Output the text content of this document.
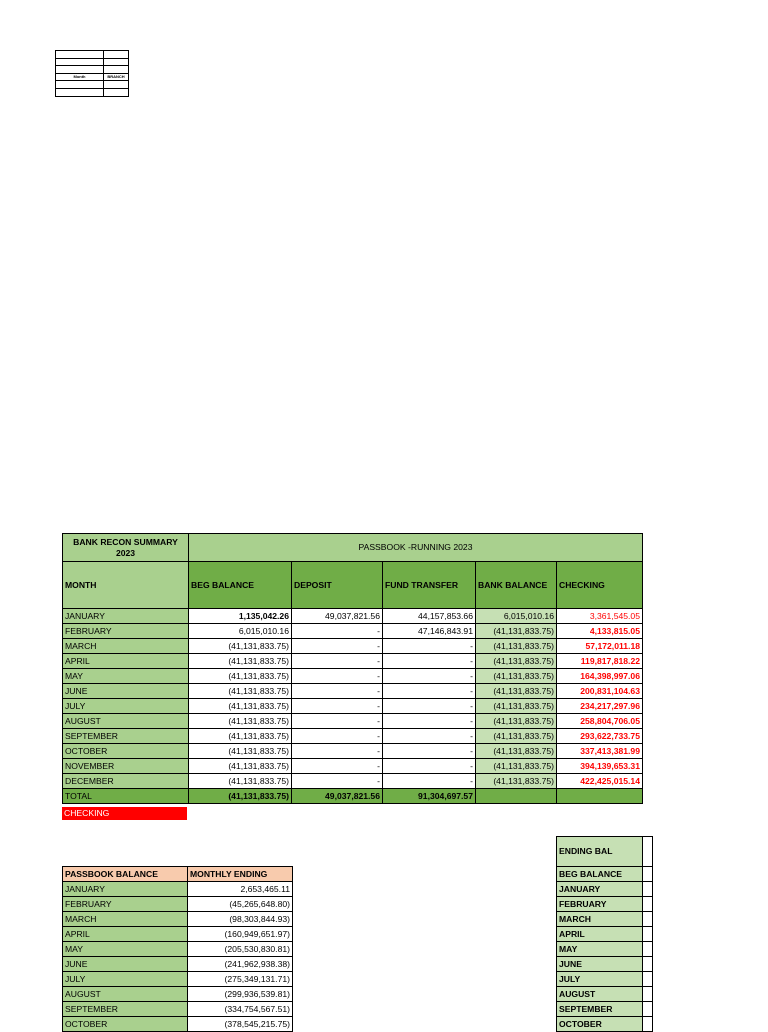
Month	BRANCH

BANK RECON SUMMARY 2023	PASSBOOK -RUNNING 2023				
MONTH	BEG BALANCE	DEPOSIT	FUND TRANSFER	BANK BALANCE	CHECKING
JANUARY	1,135,042.26	49,037,821.56	44,157,853.66	6,015,010.16	3,361,545.05
FEBRUARY	6,015,010.16	-	47,146,843.91	(41,131,833.75)	4,133,815.05
MARCH	(41,131,833.75)	-	-	(41,131,833.75)	57,172,011.18
APRIL	(41,131,833.75)	-	-	(41,131,833.75)	119,817,818.22
MAY	(41,131,833.75)	-	-	(41,131,833.75)	164,398,997.06
JUNE	(41,131,833.75)	-	-	(41,131,833.75)	200,831,104.63
JULY	(41,131,833.75)	-	-	(41,131,833.75)	234,217,297.96
AUGUST	(41,131,833.75)	-	-	(41,131,833.75)	258,804,706.05
SEPTEMBER	(41,131,833.75)	-	-	(41,131,833.75)	293,622,733.75
OCTOBER	(41,131,833.75)	-	-	(41,131,833.75)	337,413,381.99
NOVEMBER	(41,131,833.75)	-	-	(41,131,833.75)	394,139,653.31
DECEMBER	(41,131,833.75)	-	-	(41,131,833.75)	422,425,015.14
TOTAL	(41,131,833.75)	49,037,821.56	91,304,697.57		
CHECKING
PASSBOOK BALANCE	MONTHLY ENDING
JANUARY	2,653,465.11
FEBRUARY	(45,265,648.80)
MARCH	(98,303,844.93)
APRIL	(160,949,651.97)
MAY	(205,530,830.81)
JUNE	(241,962,938.38)
JULY	(275,349,131.71)
AUGUST	(299,936,539.81)
SEPTEMBER	(334,754,567.51)
OCTOBER	(378,545,215.75)
ENDING BAL	
BEG BALANCE	
JANUARY	
FEBRUARY	
MARCH	
APRIL	
MAY	
JUNE	
JULY	
AUGUST	
SEPTEMBER	
OCTOBER	
